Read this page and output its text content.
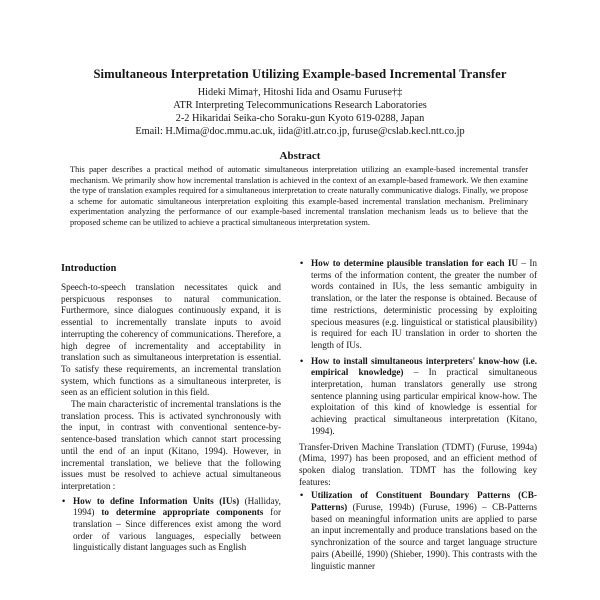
Simultaneous Interpretation Utilizing Example-based Incremental Transfer
Hideki Mima†, Hitoshi Iida and Osamu Furuse†‡
ATR Interpreting Telecommunications Research Laboratories
2-2 Hikaridai Seika-cho Soraku-gun Kyoto 619-0288, Japan
Email: H.Mima@doc.mmu.ac.uk, iida@itl.atr.co.jp, furuse@cslab.kecl.ntt.co.jp
Abstract

This paper describes a practical method of automatic simultaneous interpretation utilizing an example-based incremental transfer mechanism. We primarily show how incremental translation is achieved in the context of an example-based framework. We then examine the type of translation examples required for a simultaneous interpretation to create naturally communicative dialogs. Finally, we propose a scheme for automatic simultaneous interpretation exploiting this example-based incremental translation mechanism. Preliminary experimentation analyzing the performance of our example-based incremental translation mechanism leads us to believe that the proposed scheme can be utilized to achieve a practical simultaneous interpretation system.

Introduction

Speech-to-speech translation necessitates quick and perspicuous responses to natural communication. Furthermore, since dialogues continuously expand, it is essential to incrementally translate inputs to avoid interrupting the coherency of communications. Therefore, a high degree of incrementality and acceptability in translation such as simultaneous interpretation is essential. To satisfy these requirements, an incremental translation system, which functions as a simultaneous interpreter, is seen as an efficient solution in this field.

The main characteristic of incremental translations is the translation process. This is activated synchronously with the input, in contrast with conventional sentence-by-sentence-based translation which cannot start processing until the end of an input (Kitano, 1994). However, in incremental translation, we believe that the following issues must be resolved to achieve actual simultaneous interpretation :

• How to define Information Units (IUs) (Halliday, 1994) to determine appropriate components for translation – Since differences exist among the word order of various languages, especially between linguistically distant languages such as English

• How to determine plausible translation for each IU – In terms of the information content, the greater the number of words contained in IUs, the less semantic ambiguity in translation, or the later the response is obtained. Because of time restrictions, deterministic processing by exploiting specious measures (e.g. linguistical or statistical plausibility) is required for each IU translation in order to shorten the length of IUs.

• How to install simultaneous interpreters' know-how (i.e. empirical knowledge) – In practical simultaneous interpretation, human translators generally use strong sentence planning using particular empirical know-how. The exploitation of this kind of knowledge is essential for achieving practical simultaneous interpretation (Kitano, 1994).

Transfer-Driven Machine Translation (TDMT) (Furuse, 1994a) (Mima, 1997) has been proposed, and an efficient method of spoken dialog translation. TDMT has the following key features:

• Utilization of Constituent Boundary Patterns (CB-Patterns) (Furuse, 1994b) (Furuse, 1996) – CB-Patterns based on meaningful information units are applied to parse an input incrementally and produce translations based on the synchronization of the source and target language structure pairs (Abeillé, 1990) (Shieber, 1990). This contrasts with the linguistic manner
